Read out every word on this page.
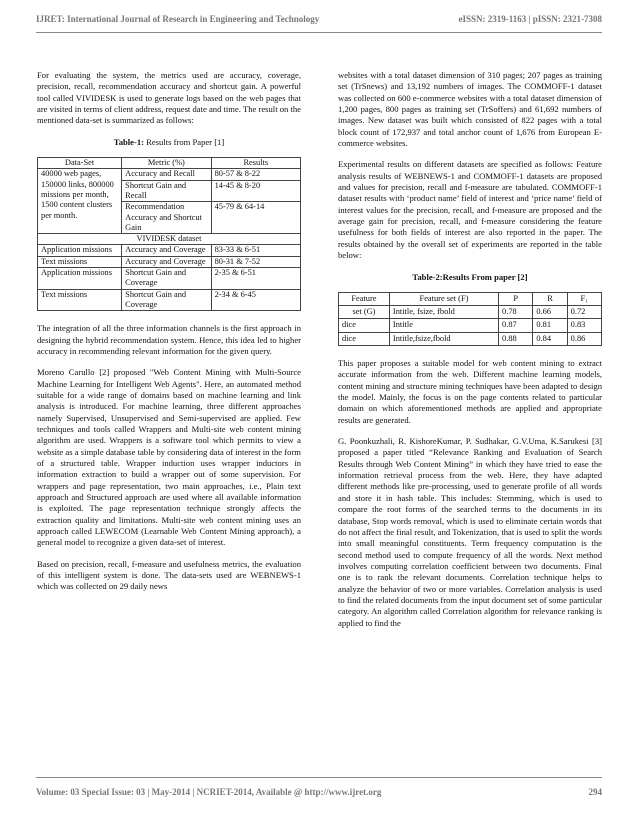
IJRET: International Journal of Research in Engineering and Technology	eISSN: 2319-1163 | pISSN: 2321-7308

For evaluating the system, the metrics used are accuracy, coverage, precision, recall, recommendation accuracy and shortcut gain. A powerful tool called VIVIDESK is used to generate logs based on the web pages that are visited in terms of client address, request date and time. The result on the mentioned data-set is summarized as follows:

Table-1: Results from Paper [1]
Data-Set	Metric (%)	Results
40000 web pages, 150000 links, 800000 missions per month, 1500 content clusters per month.	Accuracy and Recall	80-57 & 8-22
	Shortcut Gain and Recall	14-45 & 8-20
	Recommendation Accuracy and Shortcut Gain	45-79 & 64-14
VIVIDESK dataset		
Application missions	Accuracy and Coverage	83-33 & 6-51
Text missions	Accuracy and Coverage	80-31 & 7-52
Application missions	Shortcut Gain and Coverage	2-35 & 6-51
Text missions	Shortcut Gain and Coverage	2-34 & 6-45

The integration of all the three information channels is the first approach in designing the hybrid recommendation system. Hence, this idea led to higher accuracy in recommending relevant information for the given query.

Moreno Carullo [2] proposed "Web Content Mining with Multi-Source Machine Learning for Intelligent Web Agents". Here, an automated method suitable for a wide range of domains based on machine learning and link analysis is introduced. For machine learning, three different approaches namely Supervised, Unsupervised and Semi-supervised are applied. Few techniques and tools called Wrappers and Multi-site web content mining algorithm are used. Wrappers is a software tool which permits to view a website as a simple database table by considering data of interest in the form of a structured table. Wrapper induction uses wrapper inductors in information extraction to build a wrapper out of some supervision. For wrappers and page representation, two main approaches, i.e., Plain text approach and Structured approach are used where all available information is exploited. The page representation technique strongly affects the extraction quality and limitations. Multi-site web content mining uses an approach called LEWECOM (Learnable Web Content Mining approach), a general model to recognize a given data-set of interest.

Based on precision, recall, f-measure and usefulness metrics, the evaluation of this intelligent system is done. The data-sets used are WEBNEWS-1 which was collected on 29 daily news

websites with a total dataset dimension of 310 pages; 207 pages as training set (TrSnews) and 13,192 numbers of images. The COMMOFF-1 dataset was collected on 600 e-commerce websites with a total dataset dimension of 1,200 pages, 800 pages as training set (TrSoffers) and 61,692 numbers of images. New dataset was built which consisted of 822 pages with a total block count of 172,937 and total anchor count of 1,676 from European E-commerce websites.

Experimental results on different datasets are specified as follows: Feature analysis results of WEBNEWS-1 and COMMOFF-1 datasets are proposed and values for precision, recall and f-measure are tabulated. COMMOFF-1 dataset results with ‘product name’ field of interest and ‘price name’ field of interest values for the precision, recall, and f-measure are proposed and the average gain for precision, recall, and f-measure considering the feature usefulness for both fields of interest are also reported in the paper. The results obtained by the overall set of experiments are reported in the table below:

Table-2:Results From paper [2]
Feature	Feature set (F)	P	R	F₁
set (G)	Intitle, fsize, fbold	0.78	0.66	0.72
dice	Intitle	0.87	0.81	0.83
dice	Intitle,fsize,fbold	0.88	0.84	0.86

This paper proposes a suitable model for web content mining to extract accurate information from the web. Different machine learning models, content mining and structure mining techniques have been adapted to design the model. Mainly, the focus is on the page contents related to particular domain on which aforementioned methods are applied and appropriate results are generated.

G. Poonkuzhali, R. KishoreKumar, P. Sudhakar, G.V.Uma, K.Sarukesi [3] proposed a paper titled “Relevance Ranking and Evaluation of Search Results through Web Content Mining” in which they have tried to ease the information retrieval process from the web. Here, they have adapted different methods like pre-processing, used to generate profile of all words and store it in hash table. This includes: Stemming, which is used to compare the root forms of the searched terms to the documents in its database, Stop words removal, which is used to eliminate certain words that do not affect the final result, and Tokenization, that is used to split the words into small meaningful constituents. Term frequency computation is the second method used to compute frequency of all the words. Next method involves computing correlation coefficient between two documents. Final one is to rank the relevant documents. Correlation technique helps to analyze the behavior of two or more variables. Correlation analysis is used to find the related documents from the input document set of some particular category. An algorithm called Correlation algorithm for relevance ranking is applied to find the

Volume: 03 Special Issue: 03 | May-2014 | NCRIET-2014, Available @ http://www.ijret.org	294
